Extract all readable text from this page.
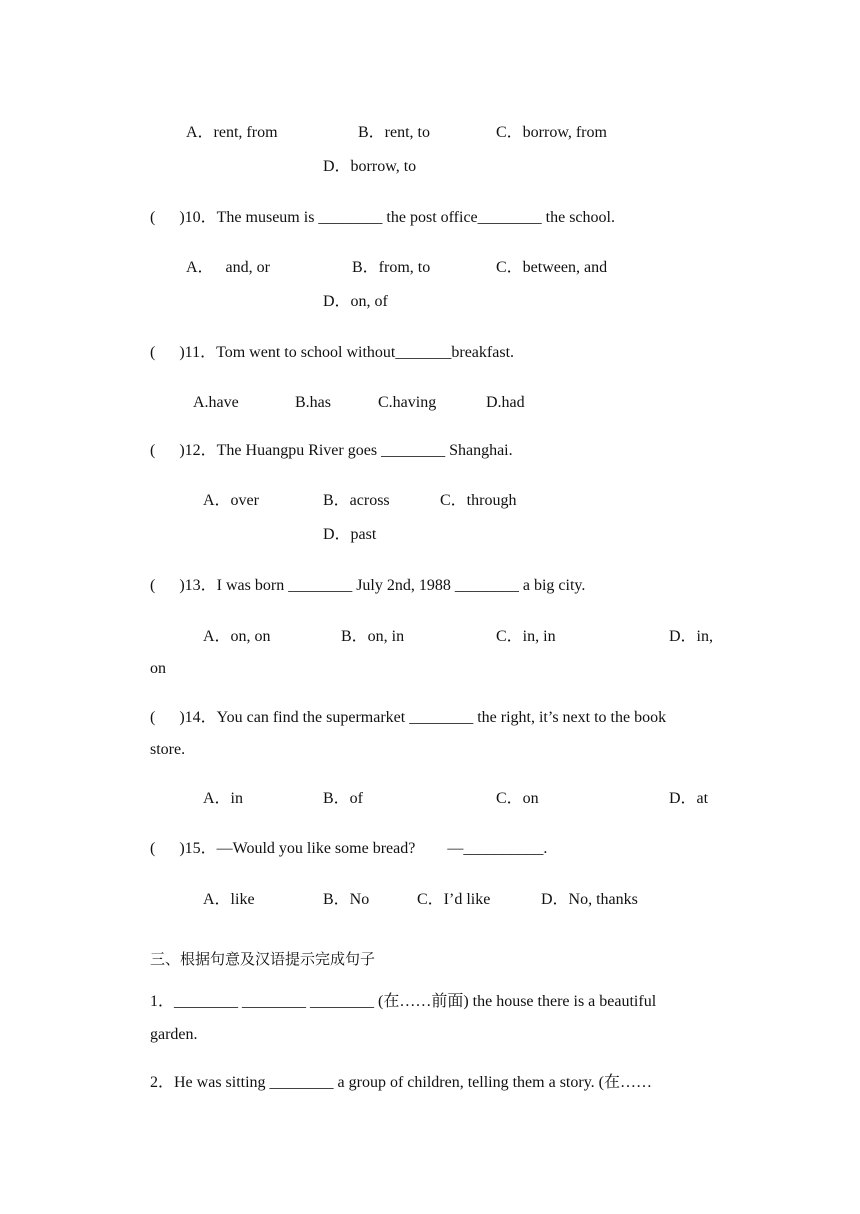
A．rent, from	B．rent, to	C．borrow, from
D．borrow, to
(      )10．The museum is ________ the post office________ the school.
A．   and, or	B．from, to	C．between, and
D．on, of
(      )11．Tom went to school without_______breakfast.
A.have	B.has	C.having	D.had
(      )12．The Huangpu River goes ________ Shanghai.
A．over	B．across	C．through
D．past
(      )13．I was born ________ July 2nd, 1988 ________ a big city.
A．on, on	B．on, in	C．in, in	D．in,
on
(      )14．You can find the supermarket ________ the right, it’s next to the book
store.
A．in	B．of	C．on	D．at
(      )15．—Would you like some bread?        —__________.
A．like	B．No	C．I’d like	D．No, thanks
三、根据句意及汉语提示完成句子
1．________ ________ ________ (在……前面) the house there is a beautiful
garden.
2．He was sitting ________ a group of children, telling them a story. (在……
